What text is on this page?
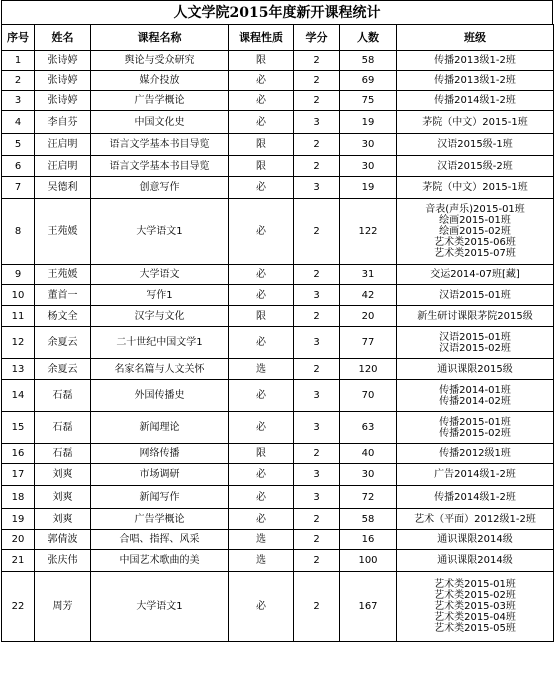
人文学院2015年度新开课程统计
序号	姓名	课程名称	课程性质	学分	人数	班级
1	张诗婷	舆论与受众研究	限	2	58	传播2013级1-2班

2	张诗婷	媒介投放	必	2	69	传播2013级1-2班

3	张诗婷	广告学概论	必	2	75	传播2014级1-2班

4	李自芬	中国文化史	必	3	19	茅院（中文）2015-1班

5	汪启明	语言文学基本书目导览	限	2	30	汉语2015级-1班

6	汪启明	语言文学基本书目导览	限	2	30	汉语2015级-2班

7	吴德利	创意写作	必	3	19	茅院（中文）2015-1班

8	王苑媛	大学语文1	必	2	122	音表(声乐)2015-01班
绘画2015-01班
绘画2015-02班
艺术类2015-06班
艺术类2015-07班

9	王苑媛	大学语文	必	2	31	交运2014-07班[藏]

10	董首一	写作1	必	3	42	汉语2015-01班

11	杨文全	汉字与文化	限	2	20	新生研讨课限茅院2015级

12	余夏云	二十世纪中国文学1	必	3	77	汉语2015-01班
汉语2015-02班

13	余夏云	名家名篇与人文关怀	选	2	120	通识课限2015级

14	石磊	外国传播史	必	3	70	传播2014-01班
传播2014-02班

15	石磊	新闻理论	必	3	63	传播2015-01班
传播2015-02班

16	石磊	网络传播	限	2	40	传播2012级1班

17	刘爽	市场调研	必	3	30	广告2014级1-2班

18	刘爽	新闻写作	必	3	72	传播2014级1-2班

19	刘爽	广告学概论	必	2	58	艺术（平面）2012级1-2班

20	郭倩波	合唱、指挥、风采	选	2	16	通识课限2014级

21	张庆伟	中国艺术歌曲的美	选	2	100	通识课限2014级

22	周芳	大学语文1	必	2	167	艺术类2015-01班
艺术类2015-02班
艺术类2015-03班
艺术类2015-04班
艺术类2015-05班
